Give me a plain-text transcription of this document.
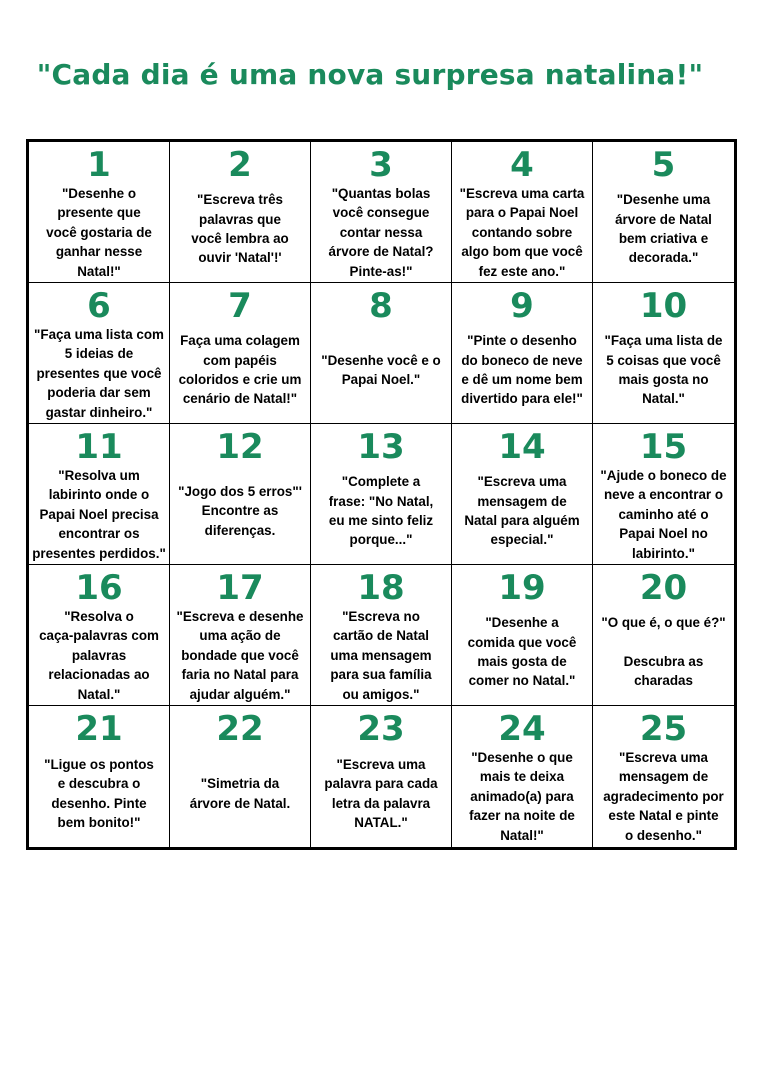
"Cada dia é uma nova surpresa natalina!"
1
"Desenhe o
presente que
você gostaria de
ganhar nesse
Natal!"
2
"Escreva três
palavras que
você lembra ao
ouvir 'Natal'!'
3
"Quantas bolas
você consegue
contar nessa
árvore de Natal?
Pinte-as!"
4
"Escreva uma carta
para o Papai Noel
contando sobre
algo bom que você
fez este ano."
5
"Desenhe uma
árvore de Natal
bem criativa e
decorada."
6
"Faça uma lista com
5 ideias de
presentes que você
poderia dar sem
gastar dinheiro."
7
Faça uma colagem
com papéis
coloridos e crie um
cenário de Natal!"
8
"Desenhe você e o
Papai Noel."
9
"Pinte o desenho
do boneco de neve
e dê um nome bem
divertido para ele!"
10
"Faça uma lista de
5 coisas que você
mais gosta no
Natal."
11
"Resolva um
labirinto onde o
Papai Noel precisa
encontrar os
presentes perdidos."
12
"Jogo dos 5 erros"'
Encontre as
diferenças.
13
"Complete a
frase: "No Natal,
eu me sinto feliz
porque..."
14
"Escreva uma
mensagem de
Natal para alguém
especial."
15
"Ajude o boneco de
neve a encontrar o
caminho até o
Papai Noel no
labirinto."
16
"Resolva o
caça-palavras com
palavras
relacionadas ao
Natal."
17
"Escreva e desenhe
uma ação de
bondade que você
faria no Natal para
ajudar alguém."
18
"Escreva no
cartão de Natal
uma mensagem
para sua família
ou amigos."
19
"Desenhe a
comida que você
mais gosta de
comer no Natal."
20
"O que é, o que é?"

Descubra as
charadas
21
"Ligue os pontos
e descubra o
desenho. Pinte
bem bonito!"
22
"Simetria da
árvore de Natal.
23
"Escreva uma
palavra para cada
letra da palavra
NATAL."
24
"Desenhe o que
mais te deixa
animado(a) para
fazer na noite de
Natal!"
25
"Escreva uma
mensagem de
agradecimento por
este Natal e pinte
o desenho."
